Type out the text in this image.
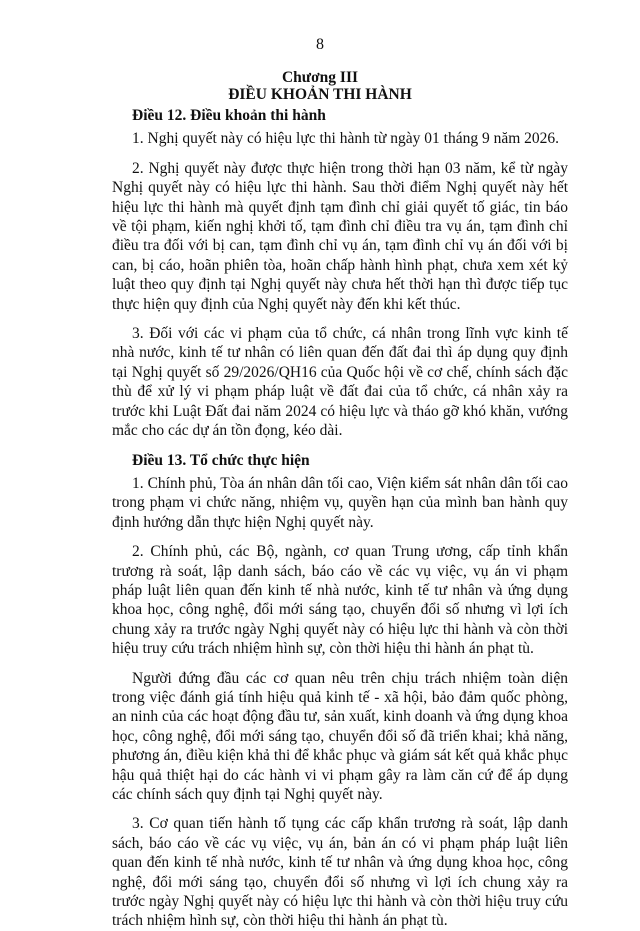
8
Chương III
ĐIỀU KHOẢN THI HÀNH

Điều 12. Điều khoản thi hành

1. Nghị quyết này có hiệu lực thi hành từ ngày 01 tháng 9 năm 2026.

2. Nghị quyết này được thực hiện trong thời hạn 03 năm, kể từ ngày Nghị quyết này có hiệu lực thi hành. Sau thời điểm Nghị quyết này hết hiệu lực thi hành mà quyết định tạm đình chỉ giải quyết tố giác, tin báo về tội phạm, kiến nghị khởi tố, tạm đình chỉ điều tra vụ án, tạm đình chỉ điều tra đối với bị can, tạm đình chỉ vụ án, tạm đình chỉ vụ án đối với bị can, bị cáo, hoãn phiên tòa, hoãn chấp hành hình phạt, chưa xem xét kỷ luật theo quy định tại Nghị quyết này chưa hết thời hạn thì được tiếp tục thực hiện quy định của Nghị quyết này đến khi kết thúc.

3. Đối với các vi phạm của tổ chức, cá nhân trong lĩnh vực kinh tế nhà nước, kinh tế tư nhân có liên quan đến đất đai thì áp dụng quy định tại Nghị quyết số 29/2026/QH16 của Quốc hội về cơ chế, chính sách đặc thù để xử lý vi phạm pháp luật về đất đai của tổ chức, cá nhân xảy ra trước khi Luật Đất đai năm 2024 có hiệu lực và tháo gỡ khó khăn, vướng mắc cho các dự án tồn đọng, kéo dài.

Điều 13. Tổ chức thực hiện

1. Chính phủ, Tòa án nhân dân tối cao, Viện kiểm sát nhân dân tối cao trong phạm vi chức năng, nhiệm vụ, quyền hạn của mình ban hành quy định hướng dẫn thực hiện Nghị quyết này.

2. Chính phủ, các Bộ, ngành, cơ quan Trung ương, cấp tỉnh khẩn trương rà soát, lập danh sách, báo cáo về các vụ việc, vụ án vi phạm pháp luật liên quan đến kinh tế nhà nước, kinh tế tư nhân và ứng dụng khoa học, công nghệ, đổi mới sáng tạo, chuyển đổi số nhưng vì lợi ích chung xảy ra trước ngày Nghị quyết này có hiệu lực thi hành và còn thời hiệu truy cứu trách nhiệm hình sự, còn thời hiệu thi hành án phạt tù.

Người đứng đầu các cơ quan nêu trên chịu trách nhiệm toàn diện trong việc đánh giá tính hiệu quả kinh tế - xã hội, bảo đảm quốc phòng, an ninh của các hoạt động đầu tư, sản xuất, kinh doanh và ứng dụng khoa học, công nghệ, đổi mới sáng tạo, chuyển đổi số đã triển khai; khả năng, phương án, điều kiện khả thi để khắc phục và giám sát kết quả khắc phục hậu quả thiệt hại do các hành vi vi phạm gây ra làm căn cứ để áp dụng các chính sách quy định tại Nghị quyết này.

3. Cơ quan tiến hành tố tụng các cấp khẩn trương rà soát, lập danh sách, báo cáo về các vụ việc, vụ án, bản án có vi phạm pháp luật liên quan đến kinh tế nhà nước, kinh tế tư nhân và ứng dụng khoa học, công nghệ, đổi mới sáng tạo, chuyển đổi số nhưng vì lợi ích chung xảy ra trước ngày Nghị quyết này có hiệu lực thi hành và còn thời hiệu truy cứu trách nhiệm hình sự, còn thời hiệu thi hành án phạt tù.
